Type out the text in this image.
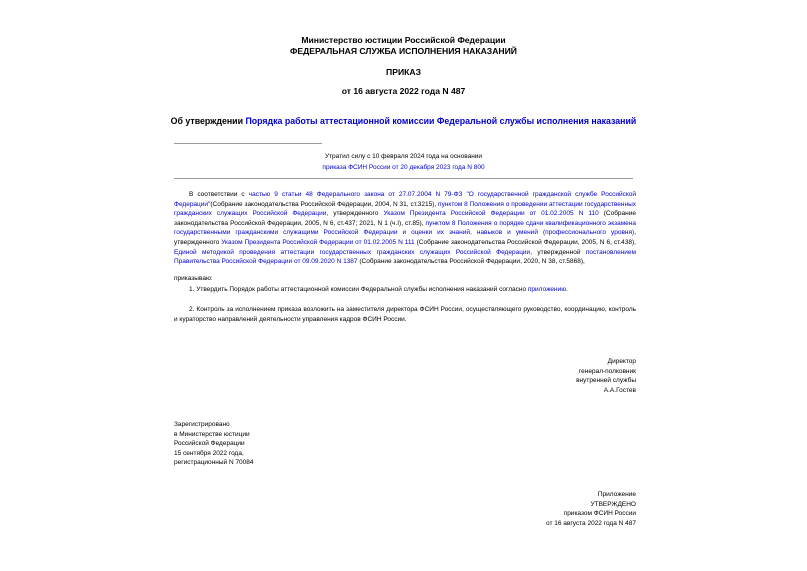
Министерство юстиции Российской Федерации
ФЕДЕРАЛЬНАЯ СЛУЖБА ИСПОЛНЕНИЯ НАКАЗАНИЙ
ПРИКАЗ
от 16 августа 2022 года N 487
Об утверждении Порядка работы аттестационной комиссии Федеральной службы исполнения наказаний
Утратил силу с 10 февраля 2024 года на основании
приказа ФСИН России от 20 декабря 2023 года N 800
В соответствии с частью 9 статьи 48 Федерального закона от 27.07.2004 N 79-ФЗ "О государственной гражданской службе Российской Федерации"(Собрание законодательства Российской Федерации, 2004, N 31, ст.3215), пунктом 8 Положения о проведении аттестации государственных гражданских служащих Российской Федерации, утвержденного Указом Президента Российской Федерации от 01.02.2005 N 110 (Собрание законодательства Российской Федерации, 2005, N 6, ст.437; 2021, N 1 (ч.I), ст.85), пунктом 8 Положения о порядке сдачи квалификационного экзамена государственными гражданскими служащими Российской Федерации и оценки их знаний, навыков и умений (профессионального уровня), утвержденного Указом Президента Российской Федерации от 01.02.2005 N 111 (Собрание законодательства Российской Федерации, 2005, N 6, ст.438), Единой методикой проведения аттестации государственных гражданских служащих Российской Федерации, утвержденной постановлением Правительства Российской Федерации от 09.09.2020 N 1387 (Собрание законодательства Российской Федерации, 2020, N 38, ст.5868),
приказываю:
1. Утвердить Порядок работы аттестационной комиссии Федеральной службы исполнения наказаний согласно приложению.
2. Контроль за исполнением приказа возложить на заместителя директора ФСИН России, осуществляющего руководство, координацию, контроль и кураторство направлений деятельности управления кадров ФСИН России.
Директор
генерал-полковник
внутренней службы
А.А.Гостев
Зарегистрировано
в Министерстве юстиции
Российской Федерации
15 сентября 2022 года,
регистрационный N 70084
Приложение
УТВЕРЖДЕНО
приказом ФСИН России
от 16 августа 2022 года N 487
